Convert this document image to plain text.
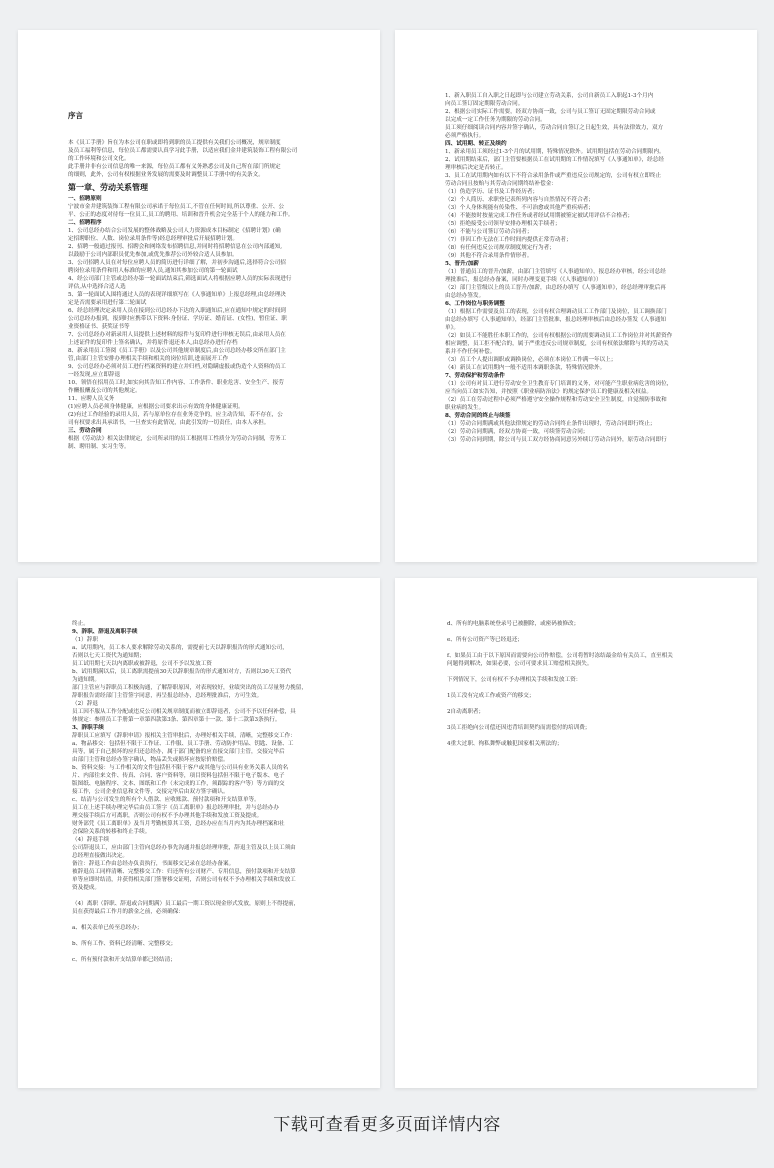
序言
本《员工手册》旨在为本公司在职或即将到职的员工提供有关我们公司概况，规章制度
及员工福利等信息，每位员工都需要认真学习此手册，以适应我们金井建筑装饰工程有限公司
的工作环境和公司文化。
此手册并非有公司信息的唯一来源，每位员工都有义务熟悉公司及自己所在部门所规定
的细则，此外，公司有权根据业务发展的需要及时调整员工手册中的有关条文。
第一章、劳动关系管理
一、招聘原则
宁波市金井建筑装饰工程有限公司承诺于每位员工,不管在任何时间,所以尊重、公开、公
平、公正的态度对待每一位员工,员工的聘用、培训和晋升机会完全基于个人的能力和工作。
二、招聘程序
1、公司总经办结合公司发展的整体战略及公司人力资源成本目标制定《招聘计划》(确
定招聘职位、人数、岗位录用条件等)经总经理审批后开展招聘计划。
2、招聘一般通过报刊、招聘会和网络发布招聘信息,并同时将招聘信息在公司内部通知,
以鼓励于公司内部职员优先参加,或优先推荐公司外较合适人员参加。
3、公司招聘人员在对每位应聘人员的简历进行详细了解，并初步沟通后,选择符合公司招
聘岗位录用条件和用人标准的应聘人员,通知其参加公司的第一轮面试
4、经公司部门主管或总经办第一轮面试结束后,筛选面试人将根据应聘人员的实际表现进行
评估,从中选择合适人选
5、第一轮面试入围将通过人员的表现详细填写在《人事通知单》上报总经理,由总经理决
定是否需要录用进行第二轮面试
6、经总经理决定录用人员在接到公司总经办下达的入职通知后,应在通知中规定的时间到
公司总经办报到，报到时应携带以下资料:身份证、学历证、婚育证、(女性)，暂住证、职
业资格证书、获奖证书等
7、公司总经办对新录用人员提供上述材料的原件与复印件进行审核无误后,由录用人员在
上述证件的复印件上签名确认，并将原件退还本人,由总经办进行存档
8、新录用员工签阅《员工手册》以及公司其他规章制度后,由公司总经办移交所在部门主
管,由部门主管安排办理相关手续和相关的岗位培训,进而展开工作
9、公司总经办必须对员工进行档案资料的建立并归档,对隐瞒虚报或伪造个人资料的员工
一经发现,应立即辞退
10、领悟在招用员工时,如实向其告知工作内容、工作条件、职业危害、安全生产、报劳
作酬报酬及公司的其他规定。
11、应聘人员义务
(1)应聘人员必须身体健康，应根据公司要求出示有效的身体健康证明。
(2)有过工作经验的录用人员，若与原单位存在业务竞争的，应主动告知，若不存在，公
司有权要求出具承诺书，一旦查实有此情况，由此引发的一切责任，由本人承担。
三、劳动合同
根据《劳动法》相关法律规定，公司所录用的员工根据用工性质分为劳动合同制，劳务工
制、聘用制、实习生等。
1、新入职员工自入职之日起即与公司建立劳动关系，公司自新员工入职起1-3个月内
向员工签订固定期限劳动合同。
2、根据公司实际工作需要，经双方协商一致，公司与员工签订无固定期限劳动合同或
以完成一定工作任务为期限的劳动合同。
员工须仔细阅读合同内容并签字确认，劳动合同自签订之日起生效，具有法律效力，双方
必须严格执行。
四、试用期、转正及续约
1、新录用员工须经过1-3个月的试用期，特殊情况除外。试用期包括在劳动合同期限内。
2、试用期结束后，部门主管要根据员工在试用期的工作情况填写《人事通知单》，经总经
理审核后决定是否转正。
3、员工在试用期内如有以下不符合录用条件或严重违反公司规定的，公司有权立即终止
劳动合同且按贻与其劳动合同期终结补偿金：
（1）伪造学历、证书及工作经历者；
（2）个人简历、求职登记表所列内容与自然情况不符合者；
（3）个人身体现能有传染性、不可治愈或其他严重疾病者；
（4）不能按时按量完成工作任务或者经试用期被鉴定被试用评估不合格者；
（5）拒绝接受公司领导安排办理相关手续者；
（6）不能与公司签订劳动合同者；
（7）非因工作无法在工作时间内提供正常劳动者；
（8）有任何违反公司规章制度规定行为者；
（9）其他不符合录用条件情形者。
5、晋升/加薪
（1）普通员工的晋升/加薪，由部门主管填写《人事通知单》，报总经办审核，经公司总经
理批准后，报总经办备案，同时办理变更手续（《人事通知单》）
（2）部门主管级以上的员工晋升/加薪，由总经办填写《人事通知单》，经总经理审批后再
由总经办签发。
6、工作岗位与职务调整
（1）根据工作需要及员工的表现，公司有权合理调动员工工作部门及岗位，员工调换部门
由总经办填写《人事通知单》，经部门主管批准，报总经理审核后由总经办签发《人事通知
单》。
（2）如员工不能胜任本职工作的，公司有权根据公司的需要调动员工工作岗位并对其薪资作
相应调整，员工拒不配合的，属于严重违反公司规章制度，公司有权依法解除与其的劳动关
系并不作任何补偿。
（3）员工个人提出调职或调换岗位，必须在本岗位工作满一年以上；
（4）新员工在试用期内一般不适用本调职条款，特殊情况除外。
7、劳动保护和劳动条件
（1）公司有对员工进行劳动安全卫生教育专门培训的义务，对可能产生职业病危害的岗位，
应当向员工如实告知，并按照《职业病防治法》的规定保护员工的健康及相关权益。
（2）员工在劳动过程中必须严格遵守安全操作规程和劳动安全卫生制度，自觉预防事故和
职业病的发生。
8、劳动合同的终止与续签
（1）劳动合同期满或其他法律规定的劳动合同终止条件出现时，劳动合同即行终止；
（2）劳动合同期满，经双方协商一致，可续签劳动合同；
（3）劳动合同到期，除公司与员工双方经协商同意另外续订劳动合同外，原劳动合同即行
终止。
9、辞职、辞退及离职手续
（1）辞职
a、试用期内，员工本人要求解除劳动关系的，需提前七天以辞职报告的形式通知公司，
否则以七天工资代为通知期；
员工试用期七天以内离职或被辞退，公司不予以发放工资
b、试用期满以后，员工离职需提前30天以辞职报告的形式通知对方，否则以30天工资代
为通知期。
部门主管应与辞职员工积极沟通，了解辞职原因，对表现较好，业绩突出的员工尽量努力挽留，
辞职报告需经部门主管签字同意，再呈报总经办，总经理批准后，方可生效。
（2）辞退
员工因不服从工作分配或违反公司相关规章制度而被立即辞退者，公司不予以任何补偿，具
体规定：参照员工手册第一章第四款第3条、第四章第十一款、第十二款第3条执行。
3、辞职手续
辞职员工应填写《辞职申请》报相关主管审批后，办理好相关手续，清晰，完整移交工作：
a、物品移交：包括但不限于工作证、工作服、员工手册、劳动防护用品、钥匙、设备、工
具等，属于自己损坏的应归还总经办，属于部门配备的应直接交部门主管，交接完毕后
由部门主管和总经办签字确认，物品丢失或损坏应按原价赔偿。
b、资料交接：与工作相关的文件包括但不限于客户或其他与公司具有业务关系人员的名
片、内部往来文件、传真、合同、客户资料等，项目资料包括但不限于电子版本、电子
版图纸、电脑程序、文本、图纸和工作（未完成的工作，须跟踪的客户等）等方面的交
接工作，公司企业信息和文件等，交接完毕后由双方签字确认。
c、结清与公司发生的所有个人借款、应收账款、预付款项和开支结算单等。
员工在上述手续办理完毕后由员工签字《员工离职单》报总经理审批，并与总经办办
理交接手续后方可离职，否则公司有权不予办理其他手续和发放工资及提成。
财务部凭《员工离职单》及当月考勤核算其工资，总经办应在当月内为其办理档案和社
会保险关系的转移和终止手续。
（4）辞退手续
公司辞退员工，应由部门主管向总经办事先沟通并报总经理审批，辞退主管及以上员工须由
总经理直接做出决定。
备注：辞退工作由总经办负责执行，书面移交记录在总经办备案。
被辞退员工同样清晰、完整移交工作：归还所有公司财产、专用信息，预付款项和开支结算
单等应即时结清，并获得相关部门签署移交证明，否则公司有权不予办理相关手续和发放工
资及提成。
（4）离职（辞职、辞退或合同期满）员工最后一期工资以现金形式发放，原则上不得提前，
员在获得最后工作月的薪金之前，必须确保：
a、相关表单已传至总经办；
b、所有工作、资料已经清晰、完整移交；
c、所有预付款和开支结算单都已经结清；
d、所有的电脑系统登录号已被删除，或密码被修改；
e、所有公司资产等已经退还；
f、如果员工由于以下原因而需要向公司作赔偿，公司将暂时冻结最金给有关员工，直至相关
问题得到解决，如果必要，公司可要求员工赔偿相关损失。
下列情况下，公司有权不予办理相关手续和发放工资：
1员工没有完成工作或资产的移交；
2自动离职者；
3员工拒绝向公司偿还因违背培训契约而需偿付的培训费；
4重大过职、徇私舞弊或触犯国家相关刑法的；
下载可查看更多页面详情内容
